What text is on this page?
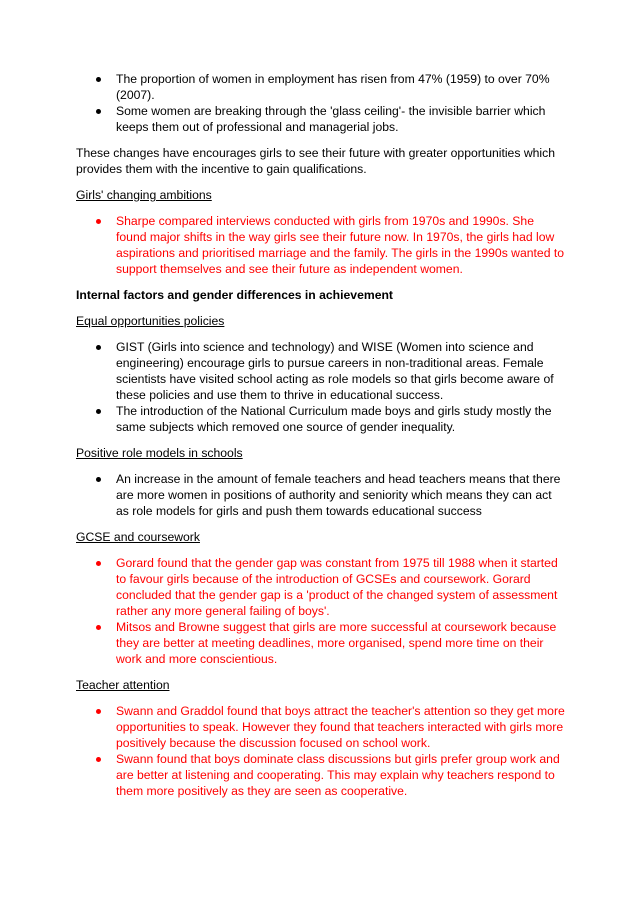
The proportion of women in employment has risen from 47% (1959) to over 70% (2007).
Some women are breaking through the 'glass ceiling'- the invisible barrier which keeps them out of professional and managerial jobs.

These changes have encourages girls to see their future with greater opportunities which provides them with the incentive to gain qualifications.

Girls' changing ambitions

Sharpe compared interviews conducted with girls from 1970s and 1990s. She found major shifts in the way girls see their future now. In 1970s, the girls had low aspirations and prioritised marriage and the family. The girls in the 1990s wanted to support themselves and see their future as independent women.

Internal factors and gender differences in achievement

Equal opportunities policies

GIST (Girls into science and technology) and WISE (Women into science and engineering) encourage girls to pursue careers in non-traditional areas. Female scientists have visited school acting as role models so that girls become aware of these policies and use them to thrive in educational success.
The introduction of the National Curriculum made boys and girls study mostly the same subjects which removed one source of gender inequality.

Positive role models in schools

An increase in the amount of female teachers and head teachers means that there are more women in positions of authority and seniority which means they can act as role models for girls and push them towards educational success

GCSE and coursework

Gorard found that the gender gap was constant from 1975 till 1988 when it started to favour girls because of the introduction of GCSEs and coursework. Gorard concluded that the gender gap is a 'product of the changed system of assessment rather any more general failing of boys'.
Mitsos and Browne suggest that girls are more successful at coursework because they are better at meeting deadlines, more organised, spend more time on their work and more conscientious.

Teacher attention

Swann and Graddol found that boys attract the teacher's attention so they get more opportunities to speak. However they found that teachers interacted with girls more positively because the discussion focused on school work.
Swann found that boys dominate class discussions but girls prefer group work and are better at listening and cooperating. This may explain why teachers respond to them more positively as they are seen as cooperative.
